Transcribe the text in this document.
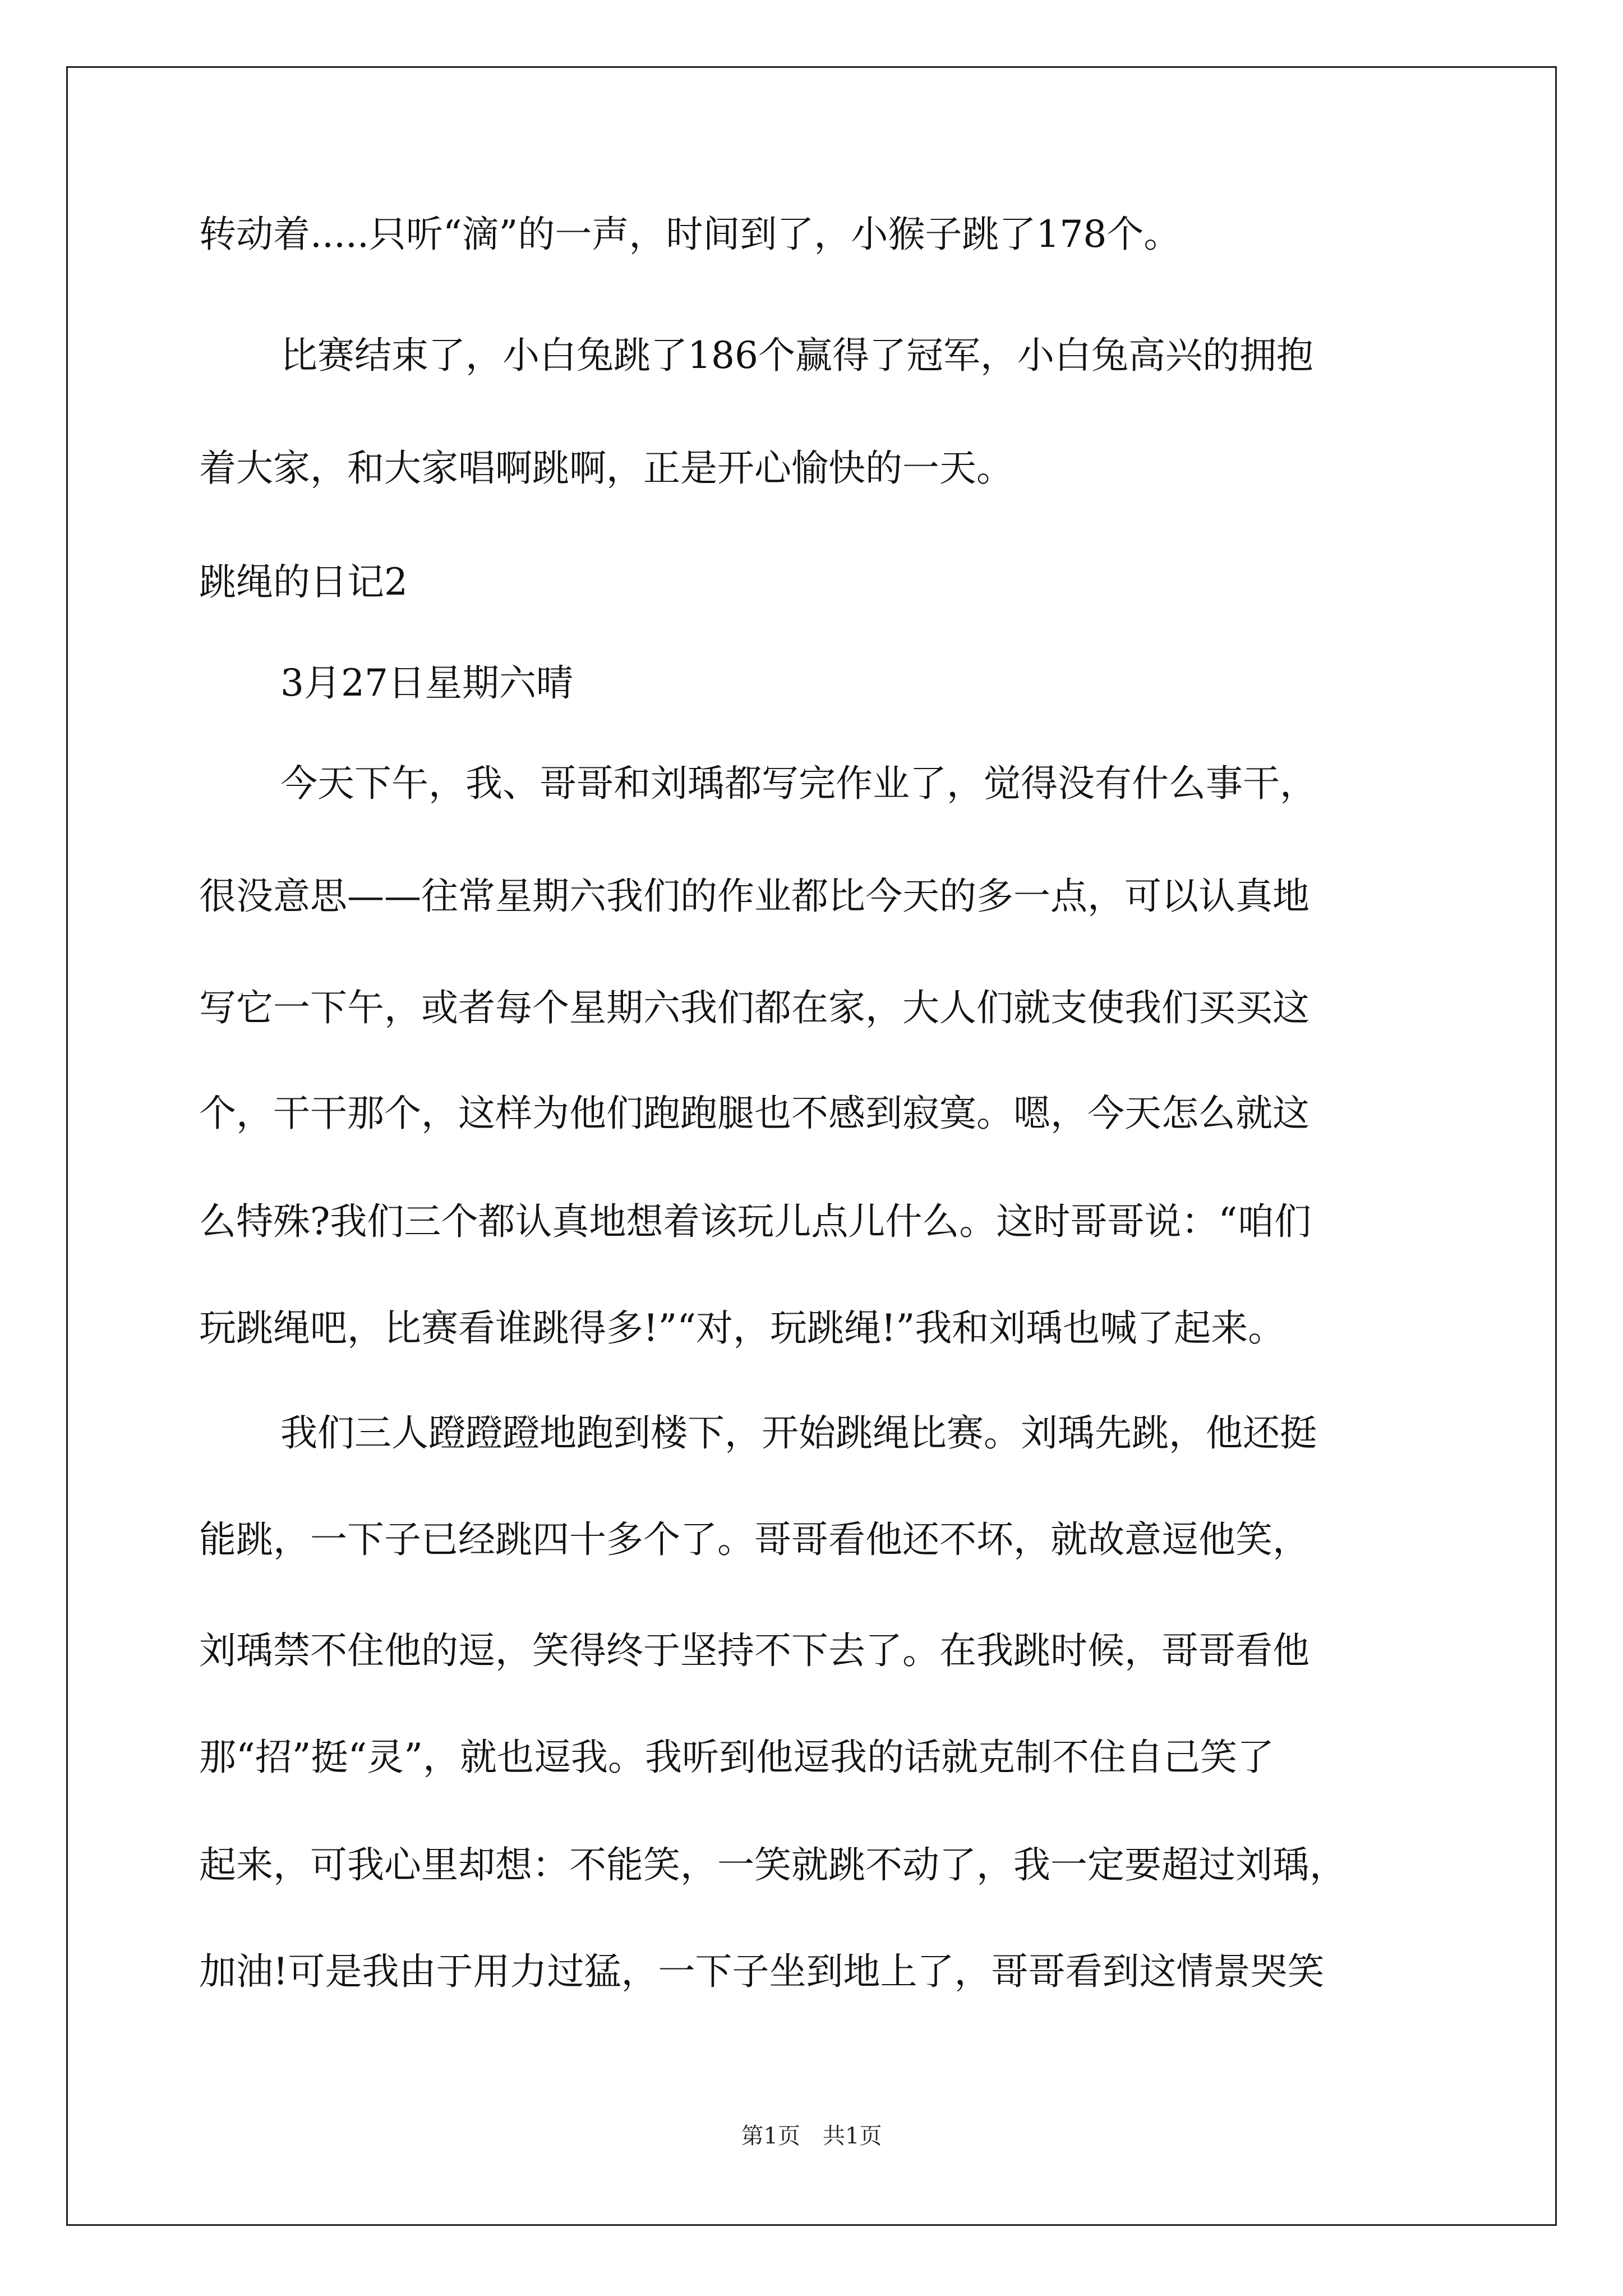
转动着.....只听“滴”的一声，时间到了，小猴子跳了178个。
比赛结束了，小白兔跳了186个赢得了冠军，小白兔高兴的拥抱
着大家，和大家唱啊跳啊，正是开心愉快的一天。
跳绳的日记2
3月27日星期六晴
今天下午，我、哥哥和刘瑀都写完作业了，觉得没有什么事干，
很没意思——往常星期六我们的作业都比今天的多一点，可以认真地
写它一下午，或者每个星期六我们都在家，大人们就支使我们买买这
个，干干那个，这样为他们跑跑腿也不感到寂寞。嗯，今天怎么就这
么特殊?我们三个都认真地想着该玩儿点儿什么。这时哥哥说：“咱们
玩跳绳吧，比赛看谁跳得多!”“对，玩跳绳!”我和刘瑀也喊了起来。
我们三人蹬蹬蹬地跑到楼下，开始跳绳比赛。刘瑀先跳，他还挺
能跳，一下子已经跳四十多个了。哥哥看他还不坏，就故意逗他笑，
刘瑀禁不住他的逗，笑得终于坚持不下去了。在我跳时候，哥哥看他
那“招”挺“灵”，就也逗我。我听到他逗我的话就克制不住自己笑了
起来，可我心里却想：不能笑，一笑就跳不动了，我一定要超过刘瑀，
加油!可是我由于用力过猛，一下子坐到地上了，哥哥看到这情景哭笑
第1页　共1页
